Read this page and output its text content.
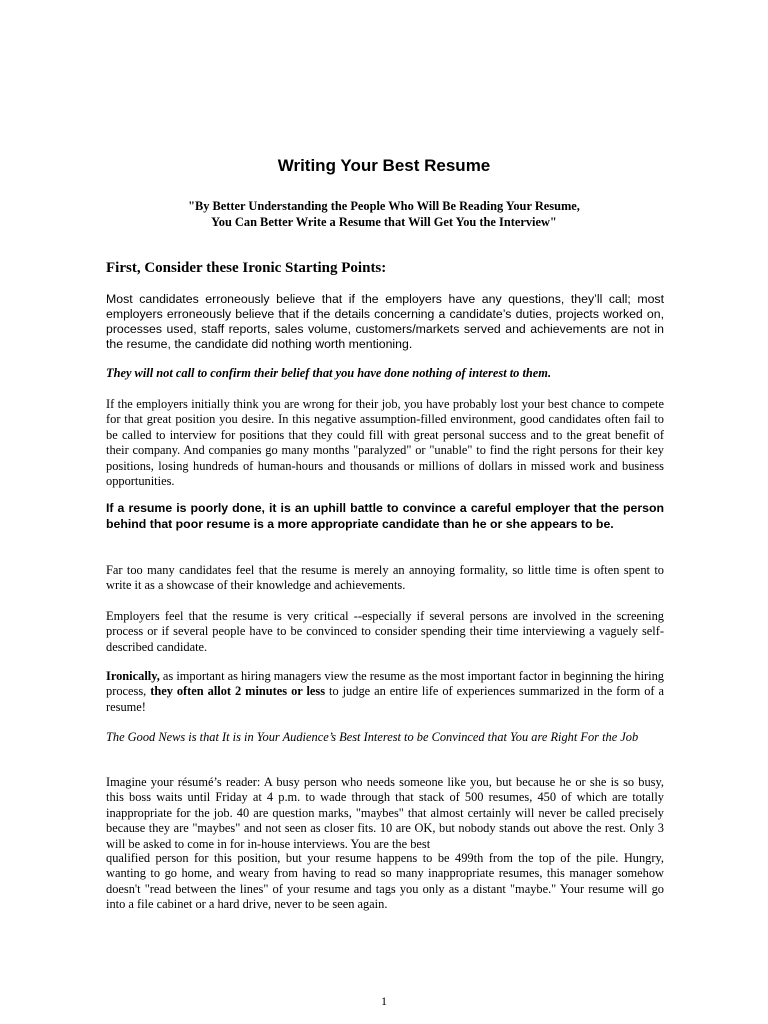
Writing Your Best Resume
"By Better Understanding the People Who Will Be Reading Your Resume,
You Can Better Write a Resume that Will Get You the Interview"
First, Consider these Ironic Starting Points:

Most candidates erroneously believe that if the employers have any questions, they’ll call; most employers erroneously believe that if the details concerning a candidate’s duties, projects worked on, processes used, staff reports, sales volume, customers/markets served and achievements are not in the resume, the candidate did nothing worth mentioning.

They will not call to confirm their belief that you have done nothing of interest to them.

If the employers initially think you are wrong for their job, you have probably lost your best chance to compete for that great position you desire. In this negative assumption-filled environment, good candidates often fail to be called to interview for positions that they could fill with great personal success and to the great benefit of their company. And companies go many months "paralyzed" or "unable" to find the right persons for their key positions, losing hundreds of human-hours and thousands or millions of dollars in missed work and business opportunities.

If a resume is poorly done, it is an uphill battle to convince a careful employer that the person behind that poor resume is a more appropriate candidate than he or she appears to be.

Far too many candidates feel that the resume is merely an annoying formality, so little time is often spent to write it as a showcase of their knowledge and achievements.

Employers feel that the resume is very critical --especially if several persons are involved in the screening process or if several people have to be convinced to consider spending their time interviewing a vaguely self-described candidate.

Ironically, as important as hiring managers view the resume as the most important factor in beginning the hiring process, they often allot 2 minutes or less to judge an entire life of experiences summarized in the form of a resume!

The Good News is that It is in Your Audience’s Best Interest to be Convinced that You are Right For the Job

Imagine your résumé’s reader: A busy person who needs someone like you, but because he or she is so busy, this boss waits until Friday at 4 p.m. to wade through that stack of 500 resumes, 450 of which are totally inappropriate for the job. 40 are question marks, "maybes" that almost certainly will never be called precisely because they are "maybes" and not seen as closer fits. 10 are OK, but nobody stands out above the rest. Only 3 will be asked to come in for in-house interviews. You are the best

qualified person for this position, but your resume happens to be 499th from the top of the pile. Hungry, wanting to go home, and weary from having to read so many inappropriate resumes, this manager somehow doesn't "read between the lines" of your resume and tags you only as a distant "maybe." Your resume will go into a file cabinet or a hard drive, never to be seen again.

1
